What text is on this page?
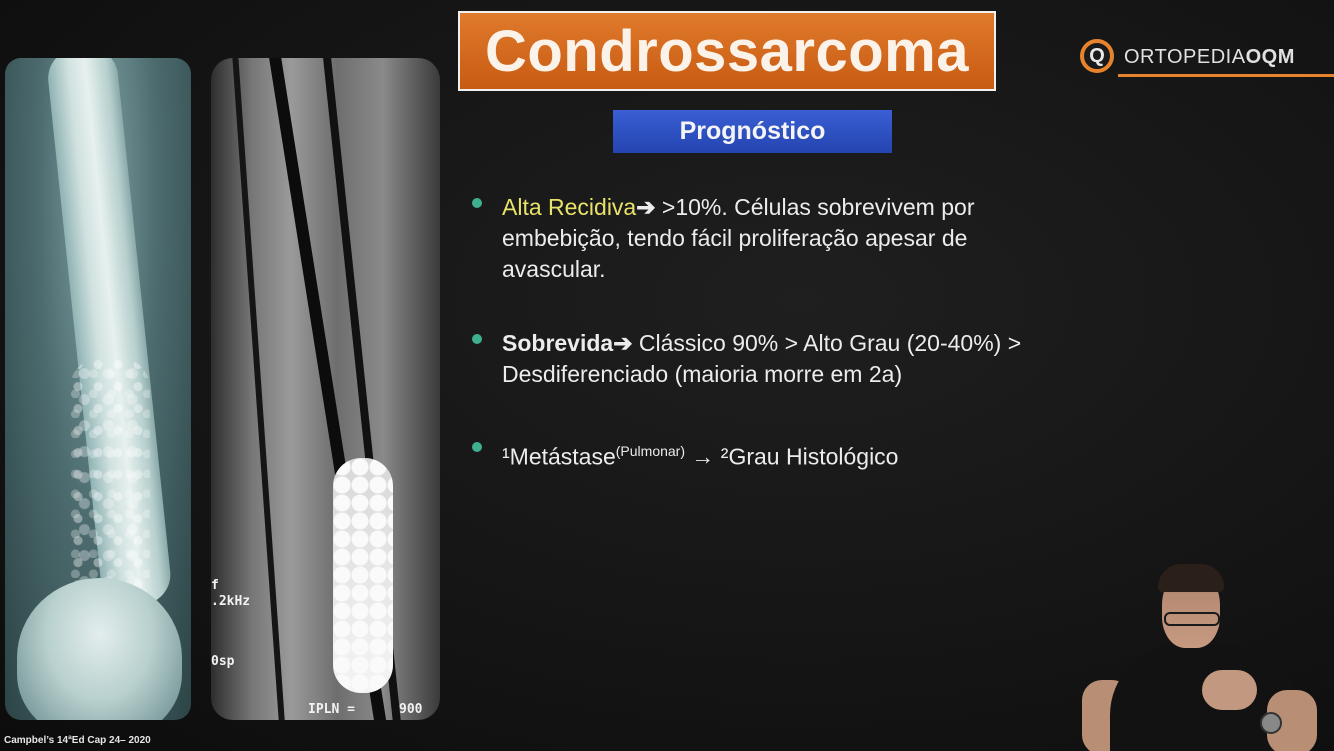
f
.2kHz
0sp
IPLN =	900
Condrossarcoma
Prognóstico
Q ORTOPEDIAOQM
Alta Recidiva➔ >10%. Células sobrevivem por embebição, tendo fácil proliferação apesar de avascular.
Sobrevida➔ Clássico 90% > Alto Grau (20-40%) > Desdiferenciado (maioria morre em 2a)
¹Metástase$^{(Pulmonar)}$ → ²Grau Histológico
Campbel’s 14ªEd Cap 24– 2020
